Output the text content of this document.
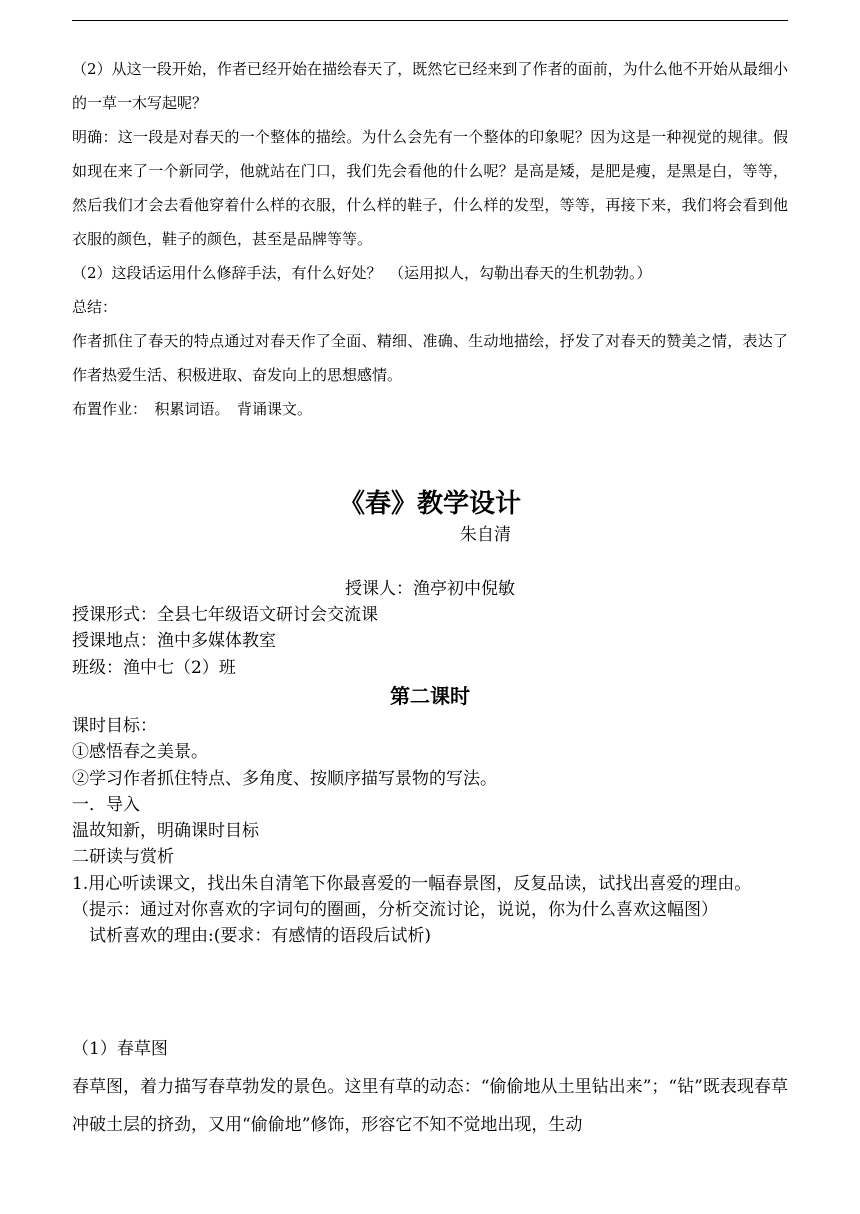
（2）从这一段开始，作者已经开始在描绘春天了，既然它已经来到了作者的面前，为什么他不开始从最细小的一草一木写起呢？

明确：这一段是对春天的一个整体的描绘。为什么会先有一个整体的印象呢？因为这是一种视觉的规律。假如现在来了一个新同学，他就站在门口，我们先会看他的什么呢？是高是矮，是肥是瘦，是黑是白，等等，然后我们才会去看他穿着什么样的衣服，什么样的鞋子，什么样的发型，等等，再接下来，我们将会看到他衣服的颜色，鞋子的颜色，甚至是品牌等等。

（2）这段话运用什么修辞手法，有什么好处？　（运用拟人，勾勒出春天的生机勃勃。）

总结：

作者抓住了春天的特点通过对春天作了全面、精细、准确、生动地描绘，抒发了对春天的赞美之情，表达了作者热爱生活、积极进取、奋发向上的思想感情。

布置作业：　积累词语。　背诵课文。

《春》教学设计
朱自清
授课人：渔亭初中倪敏

授课形式：全县七年级语文研讨会交流课

授课地点：渔中多媒体教室

班级：渔中七（2）班

第二课时

课时目标：

①感悟春之美景。

②学习作者抓住特点、多角度、按顺序描写景物的写法。

一．导入

温故知新，明确课时目标

二研读与赏析

1.用心听读课文，找出朱自清笔下你最喜爱的一幅春景图，反复品读，试找出喜爱的理由。

（提示：通过对你喜欢的字词句的圈画，分析交流讨论，说说，你为什么喜欢这幅图）

　试析喜欢的理由:(要求：有感情的语段后试析)

（1）春草图

春草图，着力描写春草勃发的景色。这里有草的动态：“偷偷地从土里钻出来”；“钻”既表现春草冲破土层的挤劲，又用“偷偷地”修饰，形容它不知不觉地出现，生动
